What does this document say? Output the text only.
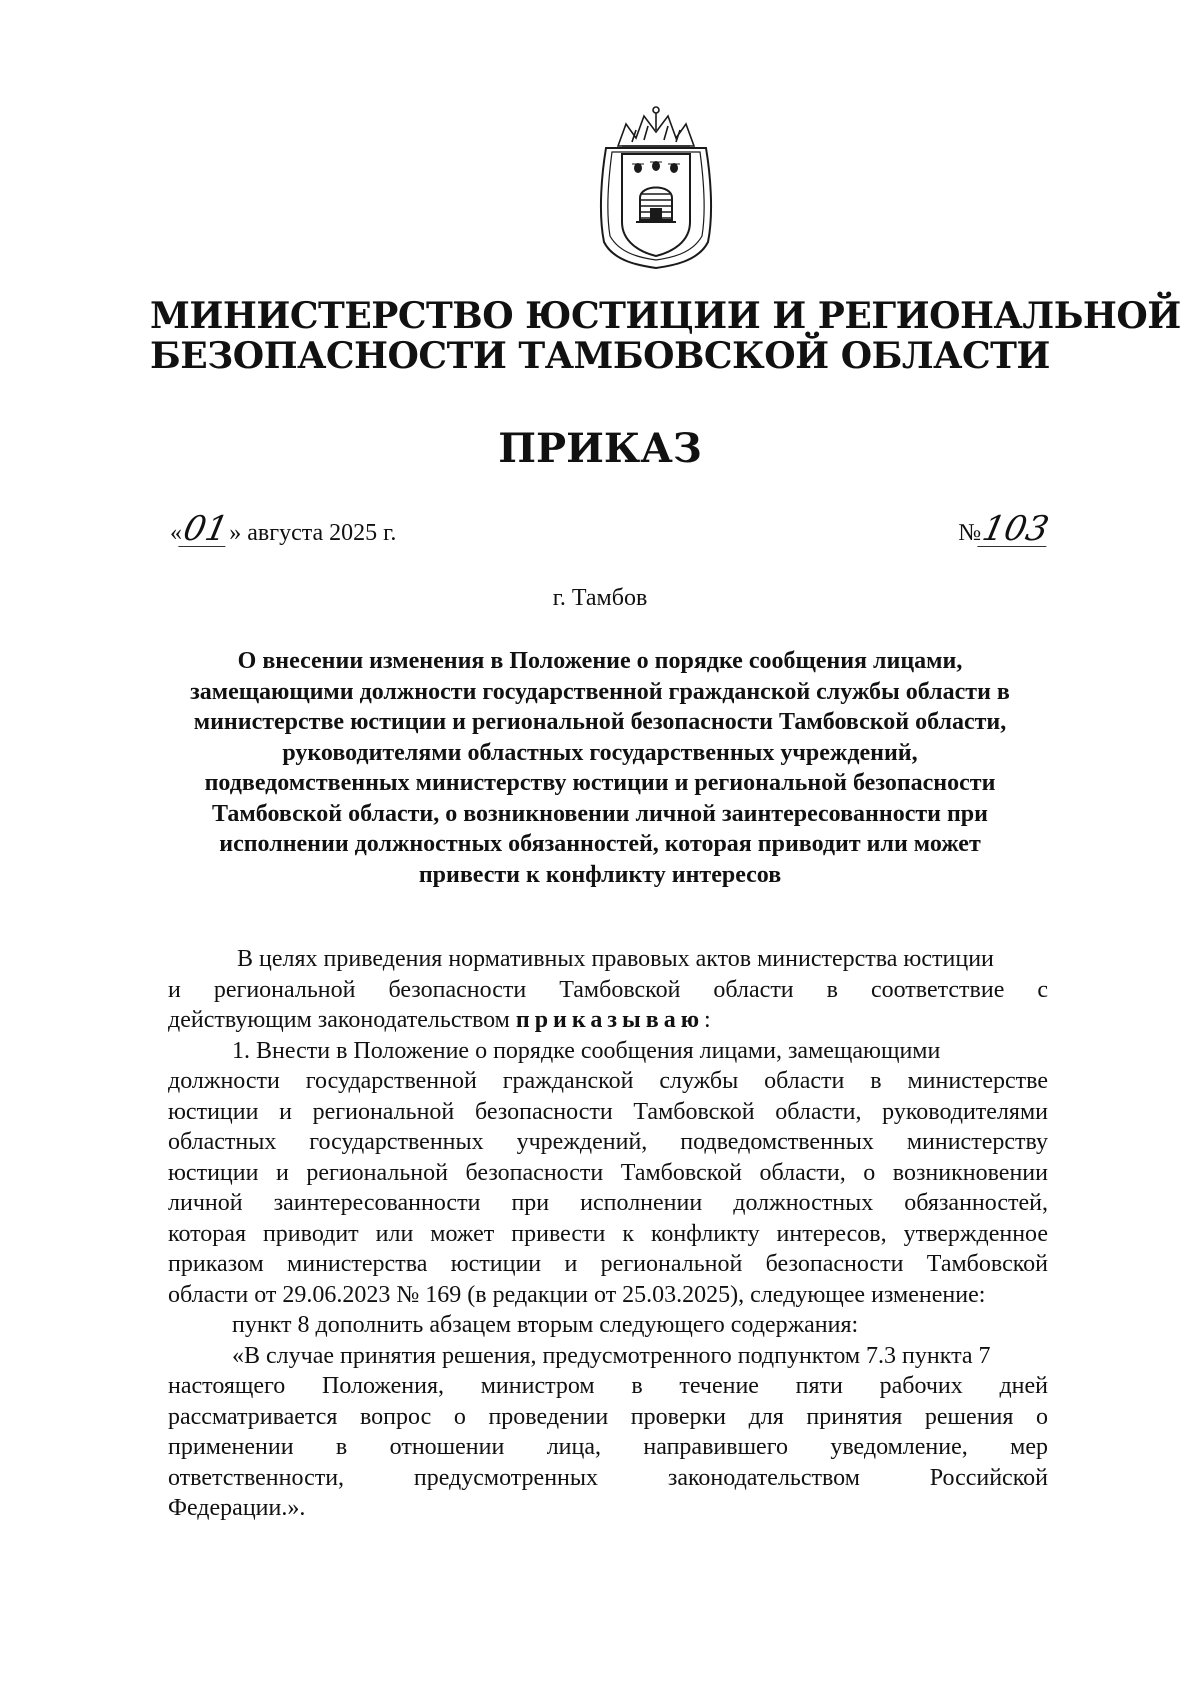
МИНИСТЕРСТВО ЮСТИЦИИ И РЕГИОНАЛЬНОЙ
БЕЗОПАСНОСТИ ТАМБОВСКОЙ ОБЛАСТИ
ПРИКАЗ
«01» августа 2025 г.	№103
г. Тамбов
О внесении изменения в Положение о порядке сообщения лицами,
замещающими должности государственной гражданской службы области в
министерстве юстиции и региональной безопасности Тамбовской области,
руководителями областных государственных учреждений,
подведомственных министерству юстиции и региональной безопасности
Тамбовской области, о возникновении личной заинтересованности при
исполнении должностных обязанностей, которая приводит или может
привести к конфликту интересов
В целях приведения нормативных правовых актов министерства юстиции
и региональной безопасности Тамбовской области в соответствие с
действующим законодательством приказываю:
1. Внести в Положение о порядке сообщения лицами, замещающими
должности государственной гражданской службы области в министерстве
юстиции и региональной безопасности Тамбовской области, руководителями
областных государственных учреждений, подведомственных министерству
юстиции и региональной безопасности Тамбовской области, о возникновении
личной заинтересованности при исполнении должностных обязанностей,
которая приводит или может привести к конфликту интересов, утвержденное
приказом министерства юстиции и региональной безопасности Тамбовской
области от 29.06.2023 № 169 (в редакции от 25.03.2025), следующее изменение:
пункт 8 дополнить абзацем вторым следующего содержания:
«В случае принятия решения, предусмотренного подпунктом 7.3 пункта 7
настоящего Положения, министром в течение пяти рабочих дней
рассматривается вопрос о проведении проверки для принятия решения о
применении в отношении лица, направившего уведомление, мер
ответственности, предусмотренных законодательством Российской
Федерации.».
